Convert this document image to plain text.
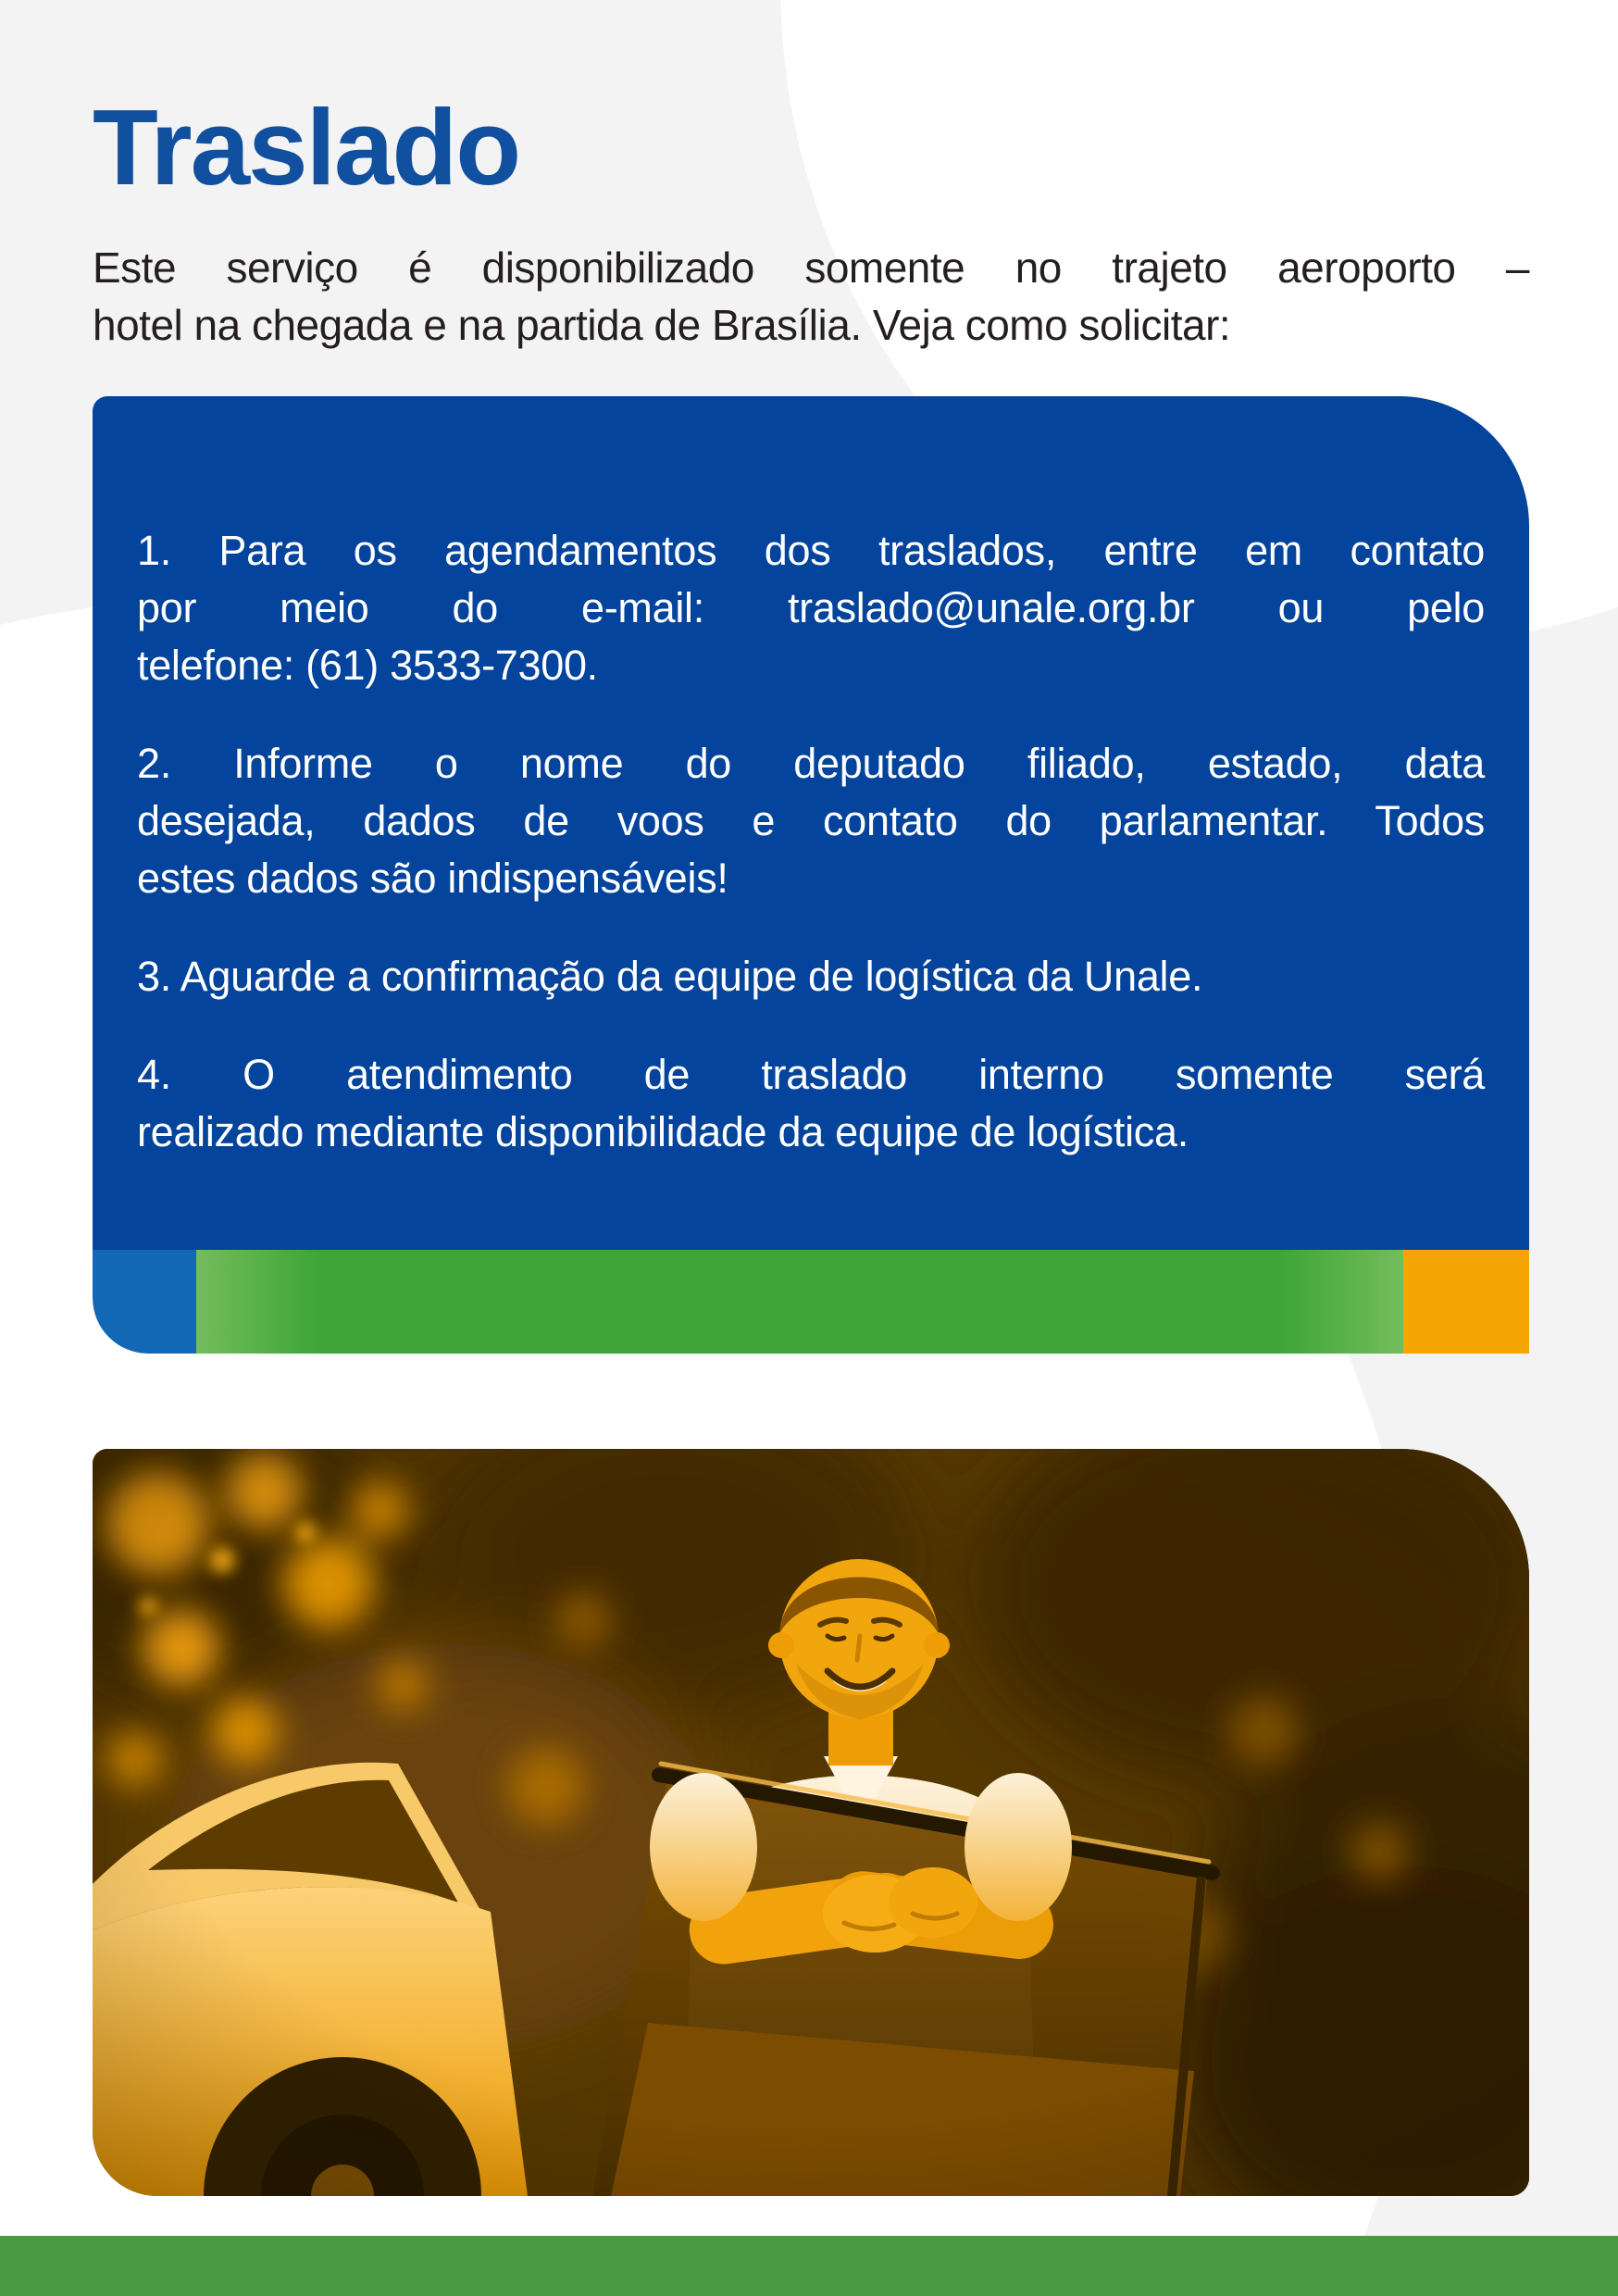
Traslado
Este serviço é disponibilizado somente no trajeto aeroporto –
hotel na chegada e na partida de Brasília. Veja como solicitar:
1. Para os agendamentos dos traslados, entre em contato
por meio do e-mail: traslado@unale.org.br ou pelo
telefone: (61) 3533-7300.
2. Informe o nome do deputado filiado, estado, data
desejada, dados de voos e contato do parlamentar. Todos
estes dados são indispensáveis!
3. Aguarde a confirmação da equipe de logística da Unale.
4. O atendimento de traslado interno somente será
realizado mediante disponibilidade da equipe de logística.
